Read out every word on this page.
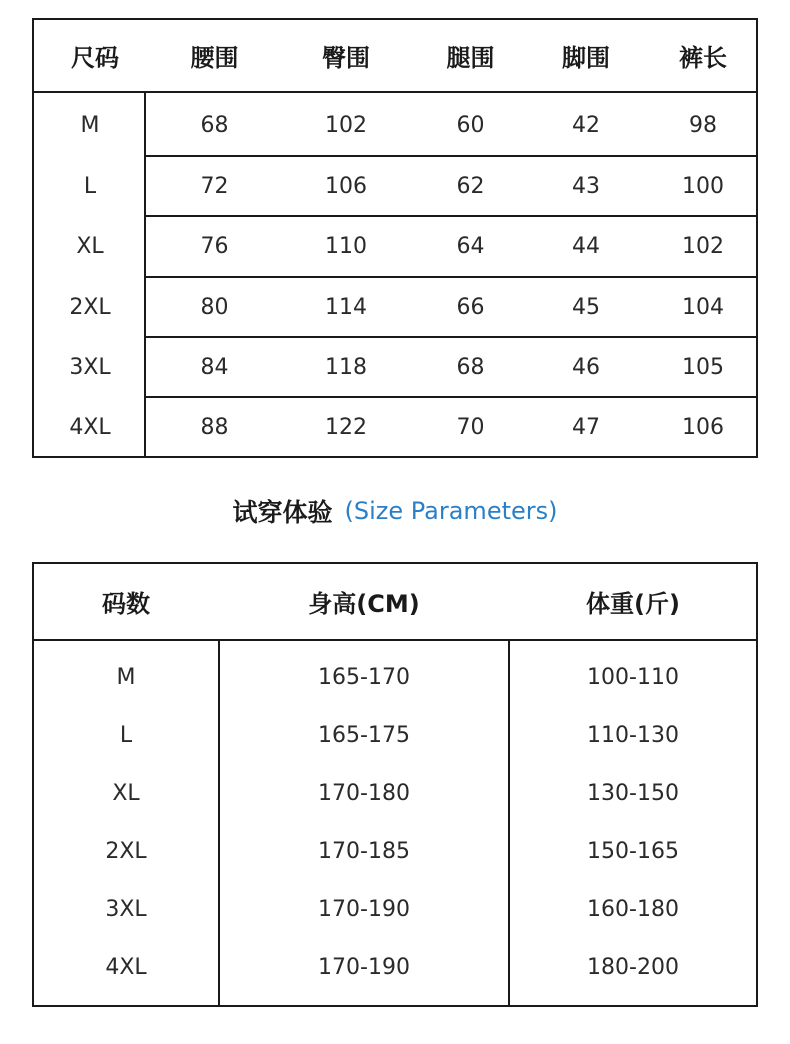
尺码	腰围	臀围	腿围	脚围	裤长
M	68	102	60	42	98
L	72	106	62	43	100
XL	76	110	64	44	102
2XL	80	114	66	45	104
3XL	84	118	68	46	105
4XL	88	122	70	47	106
试穿体验 (Size Parameters)
码数	身高(CM)	体重(斤)
M	165-170	100-110
L	165-175	110-130
XL	170-180	130-150
2XL	170-185	150-165
3XL	170-190	160-180
4XL	170-190	180-200
